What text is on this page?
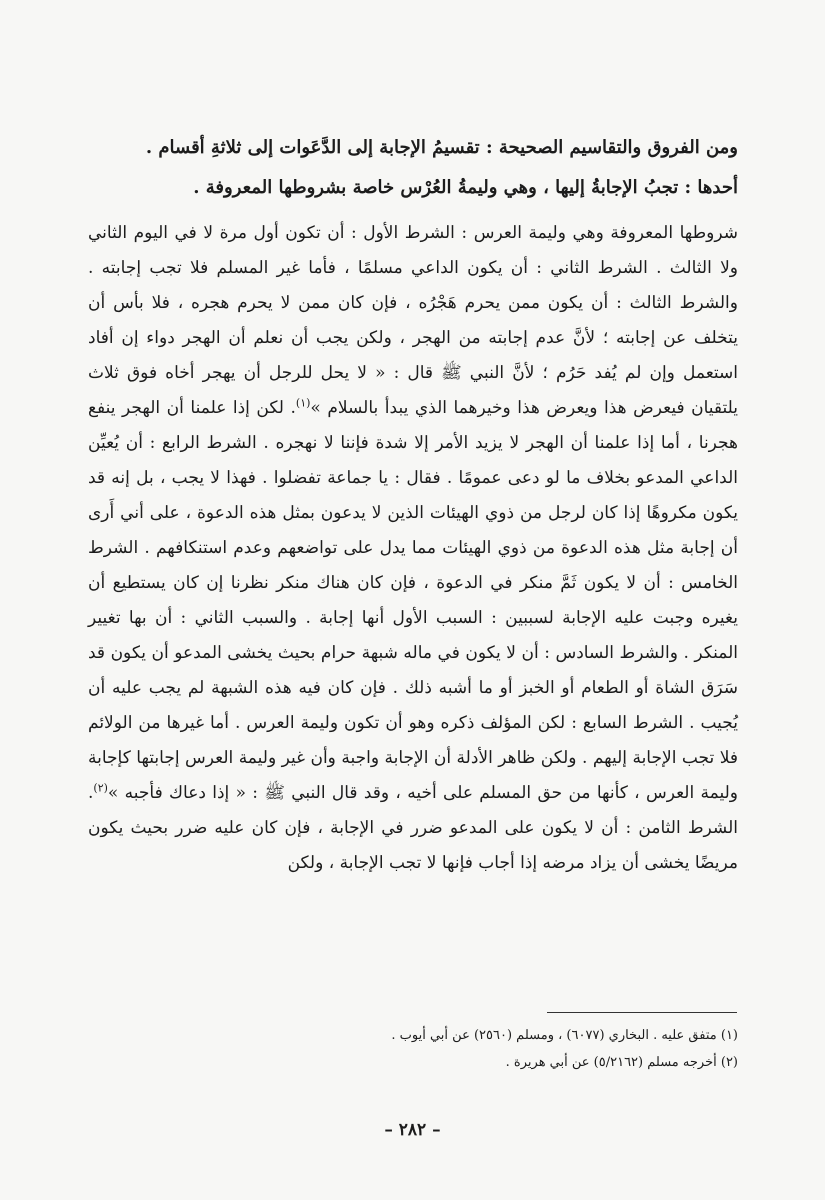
ومن الفروق والتقاسيم الصحيحة : تقسيمُ الإجابة إلى الدَّعَوات إلى ثلاثةِ أقسام .

أحدها : تجبُ الإجابةُ إليها ، وهي وليمةُ العُرْس خاصة بشروطها المعروفة .

شروطها المعروفة وهي وليمة العرس : الشرط الأول : أن تكون أول مرة لا في اليوم الثاني ولا الثالث . الشرط الثاني : أن يكون الداعي مسلمًا ، فأما غير المسلم فلا تجب إجابته . والشرط الثالث : أن يكون ممن يحرم هَجْرُه ، فإن كان ممن لا يحرم هجره ، فلا بأس أن يتخلف عن إجابته ؛ لأنَّ عدم إجابته من الهجر ، ولكن يجب أن نعلم أن الهجر دواء إن أفاد استعمل وإن لم يُفد حَرُم ؛ لأنَّ النبي ﷺ قال : « لا يحل للرجل أن يهجر أخاه فوق ثلاث يلتقيان فيعرض هذا ويعرض هذا وخيرهما الذي يبدأ بالسلام »$^{(١)}$. لكن إذا علمنا أن الهجر ينفع هجرنا ، أما إذا علمنا أن الهجر لا يزيد الأمر إلا شدة فإننا لا نهجره . الشرط الرابع : أن يُعيِّن الداعي المدعو بخلاف ما لو دعى عمومًا . فقال : يا جماعة تفضلوا . فهذا لا يجب ، بل إنه قد يكون مكروهًا إذا كان لرجل من ذوي الهيئات الذين لا يدعون بمثل هذه الدعوة ، على أني أَرى أن إجابة مثل هذه الدعوة من ذوي الهيئات مما يدل على تواضعهم وعدم استنكافهم . الشرط الخامس : أن لا يكون ثَمَّ منكر في الدعوة ، فإن كان هناك منكر نظرنا إن كان يستطيع أن يغيره وجبت عليه الإجابة لسببين : السبب الأول أنها إجابة . والسبب الثاني : أن بها تغيير المنكر . والشرط السادس : أن لا يكون في ماله شبهة حرام بحيث يخشى المدعو أن يكون قد سَرَق الشاة أو الطعام أو الخبز أو ما أشبه ذلك . فإن كان فيه هذه الشبهة لم يجب عليه أن يُجيب . الشرط السابع : لكن المؤلف ذكره وهو أن تكون وليمة العرس . أما غيرها من الولائم فلا تجب الإجابة إليهم . ولكن ظاهر الأدلة أن الإجابة واجبة وأن غير وليمة العرس إجابتها كإجابة وليمة العرس ، كأنها من حق المسلم على أخيه ، وقد قال النبي ﷺ : « إذا دعاك فأجبه »$^{(٢)}$. الشرط الثامن : أن لا يكون على المدعو ضرر في الإجابة ، فإن كان عليه ضرر بحيث يكون مريضًا يخشى أن يزاد مرضه إذا أجاب فإنها لا تجب الإجابة ، ولكن

(١) متفق عليه . البخاري (٦٠٧٧) ، ومسلم (٢٥٦٠) عن أبي أيوب .

(٢) أخرجه مسلم (٥/٢١٦٢) عن أبي هريرة .

– ٢٨٢ –
